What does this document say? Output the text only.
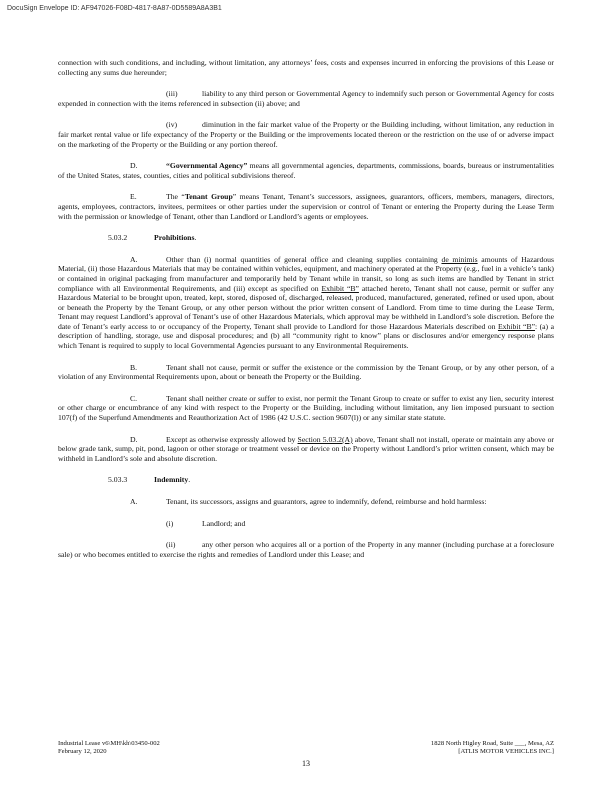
DocuSign Envelope ID: AF947026-F08D-4817-8A87-0D5589A8A3B1

connection with such conditions, and including, without limitation, any attorneys’ fees, costs and expenses incurred in enforcing the provisions of this Lease or collecting any sums due hereunder;

(iii)	liability to any third person or Governmental Agency to indemnify such person or Governmental Agency for costs expended in connection with the items referenced in subsection (ii) above; and

(iv)	diminution in the fair market value of the Property or the Building including, without limitation, any reduction in fair market rental value or life expectancy of the Property or the Building or the improvements located thereon or the restriction on the use of or adverse impact on the marketing of the Property or the Building or any portion thereof.

D.	“Governmental Agency” means all governmental agencies, departments, commissions, boards, bureaus or instrumentalities of the United States, states, counties, cities and political subdivisions thereof.

E.	The “Tenant Group” means Tenant, Tenant’s successors, assignees, guarantors, officers, members, managers, directors, agents, employees, contractors, invitees, permitees or other parties under the supervision or control of Tenant or entering the Property during the Lease Term with the permission or knowledge of Tenant, other than Landlord or Landlord’s agents or employees.

5.03.2	Prohibitions.

A.	Other than (i) normal quantities of general office and cleaning supplies containing de minimis amounts of Hazardous Material, (ii) those Hazardous Materials that may be contained within vehicles, equipment, and machinery operated at the Property (e.g., fuel in a vehicle’s tank) or contained in original packaging from manufacturer and temporarily held by Tenant while in transit, so long as such items are handled by Tenant in strict compliance with all Environmental Requirements, and (iii) except as specified on Exhibit “B” attached hereto, Tenant shall not cause, permit or suffer any Hazardous Material to be brought upon, treated, kept, stored, disposed of, discharged, released, produced, manufactured, generated, refined or used upon, about or beneath the Property by the Tenant Group, or any other person without the prior written consent of Landlord. From time to time during the Lease Term, Tenant may request Landlord’s approval of Tenant’s use of other Hazardous Materials, which approval may be withheld in Landlord’s sole discretion. Before the date of Tenant’s early access to or occupancy of the Property, Tenant shall provide to Landlord for those Hazardous Materials described on Exhibit “B”: (a) a description of handling, storage, use and disposal procedures; and (b) all “community right to know” plans or disclosures and/or emergency response plans which Tenant is required to supply to local Governmental Agencies pursuant to any Environmental Requirements.

B.	Tenant shall not cause, permit or suffer the existence or the commission by the Tenant Group, or by any other person, of a violation of any Environmental Requirements upon, about or beneath the Property or the Building.

C.	Tenant shall neither create or suffer to exist, nor permit the Tenant Group to create or suffer to exist any lien, security interest or other charge or encumbrance of any kind with respect to the Property or the Building, including without limitation, any lien imposed pursuant to section 107(f) of the Superfund Amendments and Reauthorization Act of 1986 (42 U.S.C. section 9607(l)) or any similar state statute.

D.	Except as otherwise expressly allowed by Section 5.03.2(A) above, Tenant shall not install, operate or maintain any above or below grade tank, sump, pit, pond, lagoon or other storage or treatment vessel or device on the Property without Landlord’s prior written consent, which may be withheld in Landlord’s sole and absolute discretion.

5.03.3	Indemnity.

A.	Tenant, its successors, assigns and guarantors, agree to indemnify, defend, reimburse and hold harmless:

(i)	Landlord; and

(ii)	any other person who acquires all or a portion of the Property in any manner (including purchase at a foreclosure sale) or who becomes entitled to exercise the rights and remedies of Landlord under this Lease; and

Industrial Lease v6\MH\kh\03450-002
February 12, 2020
1828 North Higley Road, Suite ___, Mesa, AZ
[ATLIS MOTOR VEHICLES INC.]
13
